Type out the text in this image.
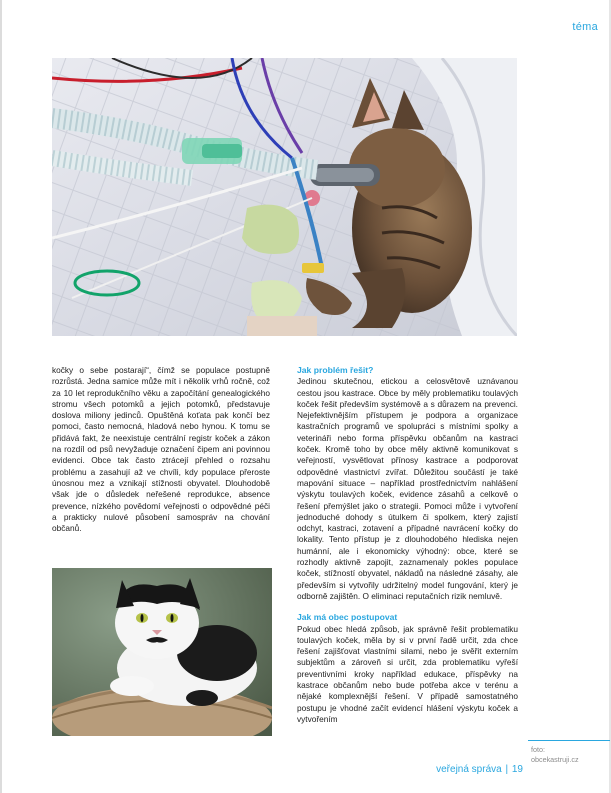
téma

kočky o sebe postarají“, čímž se populace postupně rozrůstá. Jedna samice může mít i několik vrhů ročně, což za 10 let reprodukčního věku a započítání genealogického stromu všech potomků a jejich potomků, představuje doslova miliony jedinců. Opuštěná koťata pak končí bez pomoci, často nemocná, hladová nebo hynou. K tomu se přidává fakt, že neexistuje centrální registr koček a zákon na rozdíl od psů nevyžaduje označení čipem ani povinnou evidenci. Obce tak často ztrácejí přehled o rozsahu problému a zasahují až ve chvíli, kdy populace přeroste únosnou mez a vznikají stížnosti obyvatel. Dlouhodobě však jde o důsledek neřešené reprodukce, absence prevence, nízkého povědomí veřejnosti o odpovědné péči a prakticky nulové působení samospráv na chování občanů.

Jak problém řešit?

Jedinou skutečnou, etickou a celosvětově uznávanou cestou jsou kastrace. Obce by měly problematiku toulavých koček řešit především systémově a s důrazem na prevenci. Nejefektivnějším přístupem je podpora a organizace kastračních programů ve spolupráci s místními spolky a veterináři nebo forma příspěvku občanům na kastraci koček. Kromě toho by obce měly aktivně komunikovat s veřejností, vysvětlovat přínosy kastrace a podporovat odpovědné vlastnictví zvířat. Důležitou součástí je také mapování situace – například prostřednictvím nahlášení výskytu toulavých koček, evidence zásahů a celkově o řešení přemýšlet jako o strategii. Pomoci může i vytvoření jednoduché dohody s útulkem či spolkem, který zajistí odchyt, kastraci, zotavení a případné navrácení kočky do lokality. Tento přístup je z dlouhodobého hlediska nejen humánní, ale i ekonomicky výhodný: obce, které se rozhodly aktivně zapojit, zaznamenaly pokles populace koček, stížností obyvatel, nákladů na následné zásahy, ale především si vytvořily udržitelný model fungování, který je odborně zajištěn. O eliminaci reputačních rizik nemluvě.

Jak má obec postupovat

Pokud obec hledá způsob, jak správně řešit problematiku toulavých koček, měla by si v první řadě určit, zda chce řešení zajišťovat vlastními silami, nebo je svěřit externím subjektům a zároveň si určit, zda problematiku vyřeší preventivními kroky například edukace, příspěvky na kastrace občanům nebo bude potřeba akce v terénu a nějaké komplexnější řešení. V případě samostatného postupu je vhodné začít evidencí hlášení výskytu koček a vytvořením

foto:
obcekastruji.cz
veřejná správa | 19
